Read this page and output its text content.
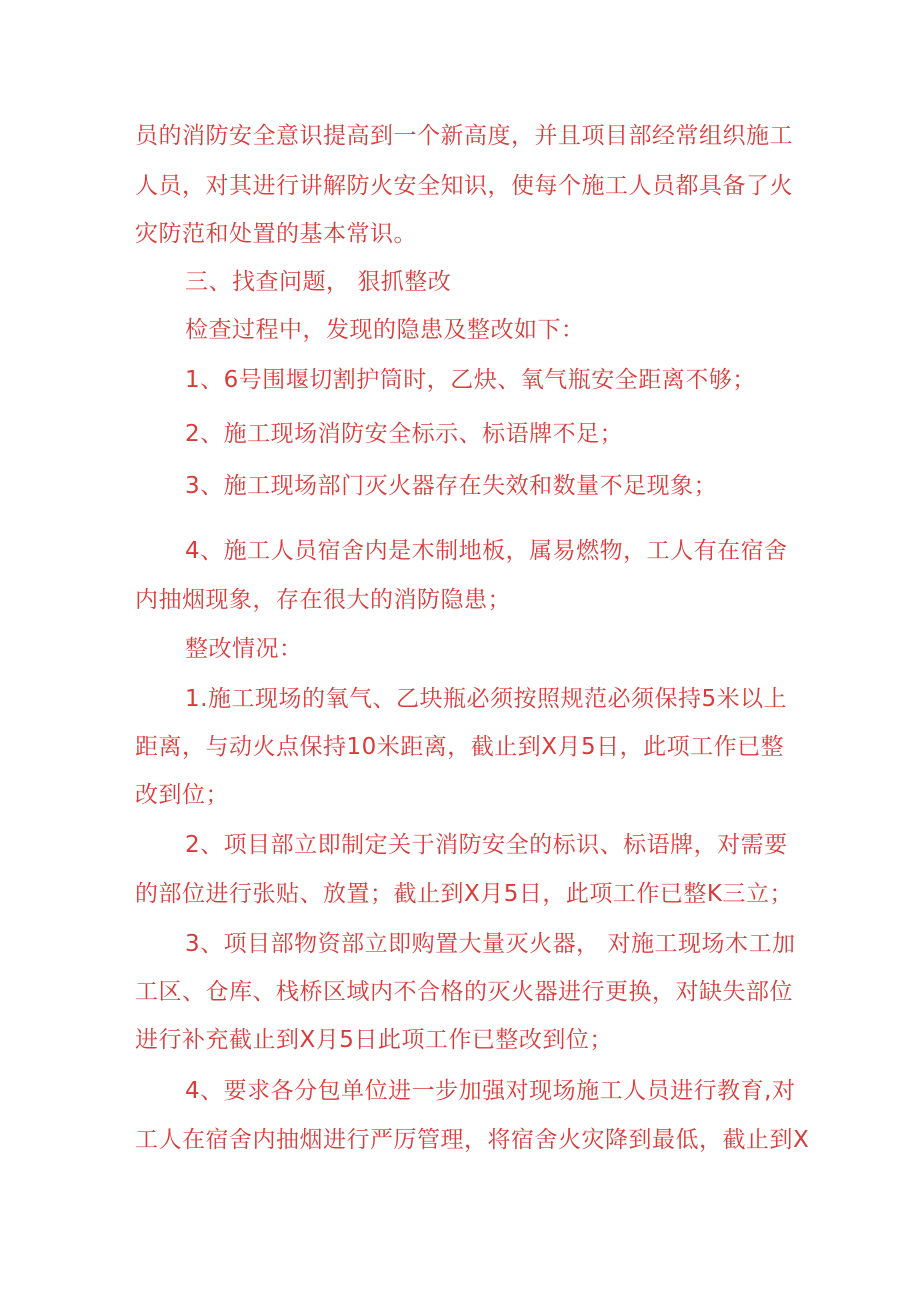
员的消防安全意识提高到一个新高度，并且项目部经常组织施工
人员，对其进行讲解防火安全知识，使每个施工人员都具备了火
灾防范和处置的基本常识。
三、找查问题， 狠抓整改
检查过程中，发现的隐患及整改如下：
1、6号围堰切割护筒时，乙炔、氧气瓶安全距离不够；
2、施工现场消防安全标示、标语牌不足；
3、施工现场部门灭火器存在失效和数量不足现象；
4、施工人员宿舍内是木制地板，属易燃物，工人有在宿舍
内抽烟现象，存在很大的消防隐患；
整改情况：
1.施工现场的氧气、乙块瓶必须按照规范必须保持5米以上
距离，与动火点保持10米距离，截止到X月5日，此项工作已整
改到位；
2、项目部立即制定关于消防安全的标识、标语牌，对需要
的部位进行张贴、放置；截止到X月5日，此项工作已整K三立；
3、项目部物资部立即购置大量灭火器， 对施工现场木工加
工区、仓库、栈桥区域内不合格的灭火器进行更换，对缺失部位
进行补充截止到X月5日此项工作已整改到位；
4、要求各分包单位进一步加强对现场施工人员进行教育,对
工人在宿舍内抽烟进行严厉管理，将宿舍火灾降到最低，截止到X
